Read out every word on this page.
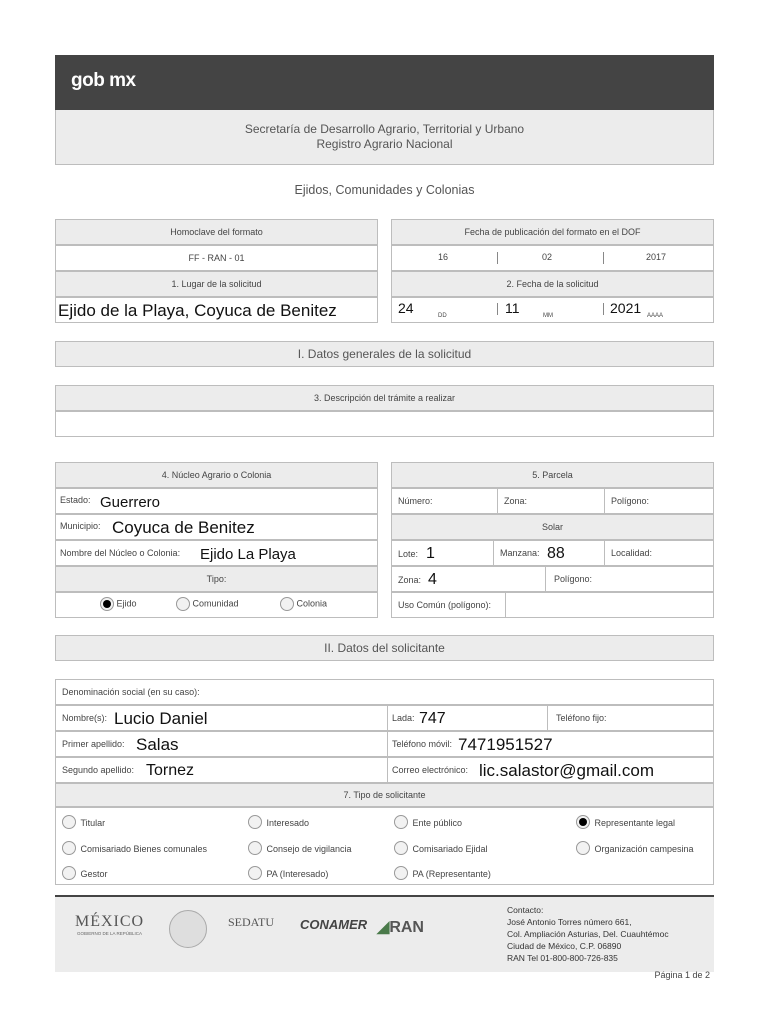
gob mx
Secretaría de Desarrollo Agrario, Territorial y Urbano
Registro Agrario Nacional
Ejidos, Comunidades y Colonias
Homoclave del formato
FF - RAN - 01
1. Lugar de la solicitud
Ejido de la Playa, Coyuca de Benitez
Fecha de publicación del formato en el DOF
16	02	2017
2. Fecha de la solicitud
24	DD	11	MM	2021 AAAA
I. Datos generales de la solicitud
3. Descripción del trámite a realizar
4. Núcleo Agrario o Colonia
Estado: Guerrero
Municipio: Coyuca de Benitez
Nombre del Núcleo o Colonia: Ejido La Playa
Tipo:
Ejido	Comunidad	Colonia
5. Parcela
Número:	Zona:	Polígono:
Solar
Lote: 1	Manzana: 88	Localidad:
Zona: 4	Polígono:
Uso Común (polígono):
II. Datos del solicitante
Denominación social (en su caso):
Nombre(s): Lucio Daniel	Lada: 747	Teléfono fijo:
Primer apellido: Salas	Teléfono móvil: 7471951527
Segundo apellido: Tornez	Correo electrónico: lic.salastor@gmail.com
7. Tipo de solicitante
Titular	Interesado	Ente público	Representante legal
Comisariado Bienes comunales	Consejo de vigilancia	Comisariado Ejidal	Organización campesina
Gestor	PA (Interesado)	PA (Representante)
MÉXICO
GOBIERNO DE LA REPÚBLICA
SEDATU CONAMER ◢RAN
Contacto:
José Antonio Torres número 661,
Col. Ampliación Asturias, Del. Cuauhtémoc
Ciudad de México, C.P. 06890
RAN Tel 01-800-800-726-835
Página 1 de 2
